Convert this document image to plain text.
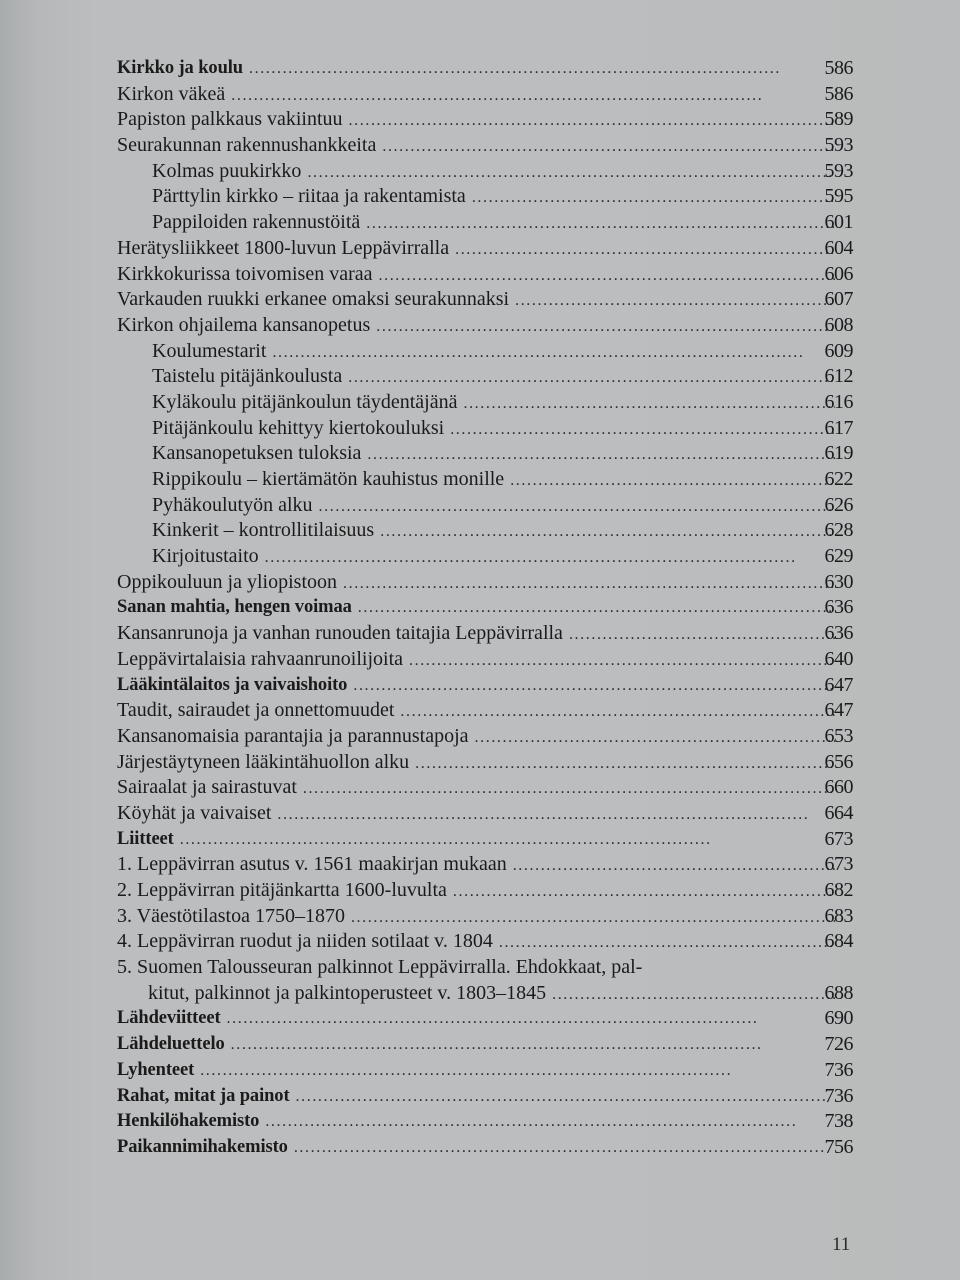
Kirkko ja koulu . . .	586
Kirkon väkeä . . .	586
Papiston palkkaus vakiintuu . . .	589
Seurakunnan rakennushankkeita . . .	593
Kolmas puukirkko . . .	593
Pärttylin kirkko – riitaa ja rakentamista . . .	595
Pappiloiden rakennustöitä . . .	601
Herätysliikkeet 1800-luvun Leppävirralla . . .	604
Kirkkokurissa toivomisen varaa . . .	606
Varkauden ruukki erkanee omaksi seurakunnaksi . . .	607
Kirkon ohjailema kansanopetus . . .	608
Koulumestarit . . .	609
Taistelu pitäjänkoulusta . . .	612
Kyläkoulu pitäjänkoulun täydentäjänä . . .	616
Pitäjänkoulu kehittyy kiertokouluksi . . .	617
Kansanopetuksen tuloksia . . .	619
Rippikoulu – kiertämätön kauhistus monille . . .	622
Pyhäkoulutyön alku . . .	626
Kinkerit – kontrollitilaisuus . . .	628
Kirjoitustaito . . .	629
Oppikouluun ja yliopistoon . . .	630
Sanan mahtia, hengen voimaa . . .	636
Kansanrunoja ja vanhan runouden taitajia Leppävirralla . . .	636
Leppävirtalaisia rahvaanrunoilijoita . . .	640
Lääkintälaitos ja vaivaishoito . . .	647
Taudit, sairaudet ja onnettomuudet . . .	647
Kansanomaisia parantajia ja parannustapoja . . .	653
Järjestäytyneen lääkintähuollon alku . . .	656
Sairaalat ja sairastuvat . . .	660
Köyhät ja vaivaiset . . .	664
Liitteet . . .	673
1. Leppävirran asutus v. 1561 maakirjan mukaan . . .	673
2. Leppävirran pitäjänkartta 1600-luvulta . . .	682
3. Väestötilastoa 1750–1870 . . .	683
4. Leppävirran ruodut ja niiden sotilaat v. 1804 . . .	684
5. Suomen Talousseuran palkinnot Leppävirralla. Ehdokkaat, pal-
kitut, palkinnot ja palkintoperusteet v. 1803–1845 . . .	688
Lähdeviitteet . . .	690
Lähdeluettelo . . .	726
Lyhenteet . . .	736
Rahat, mitat ja painot . . .	736
Henkilöhakemisto . . .	738
Paikannimihakemisto . . .	756
11
